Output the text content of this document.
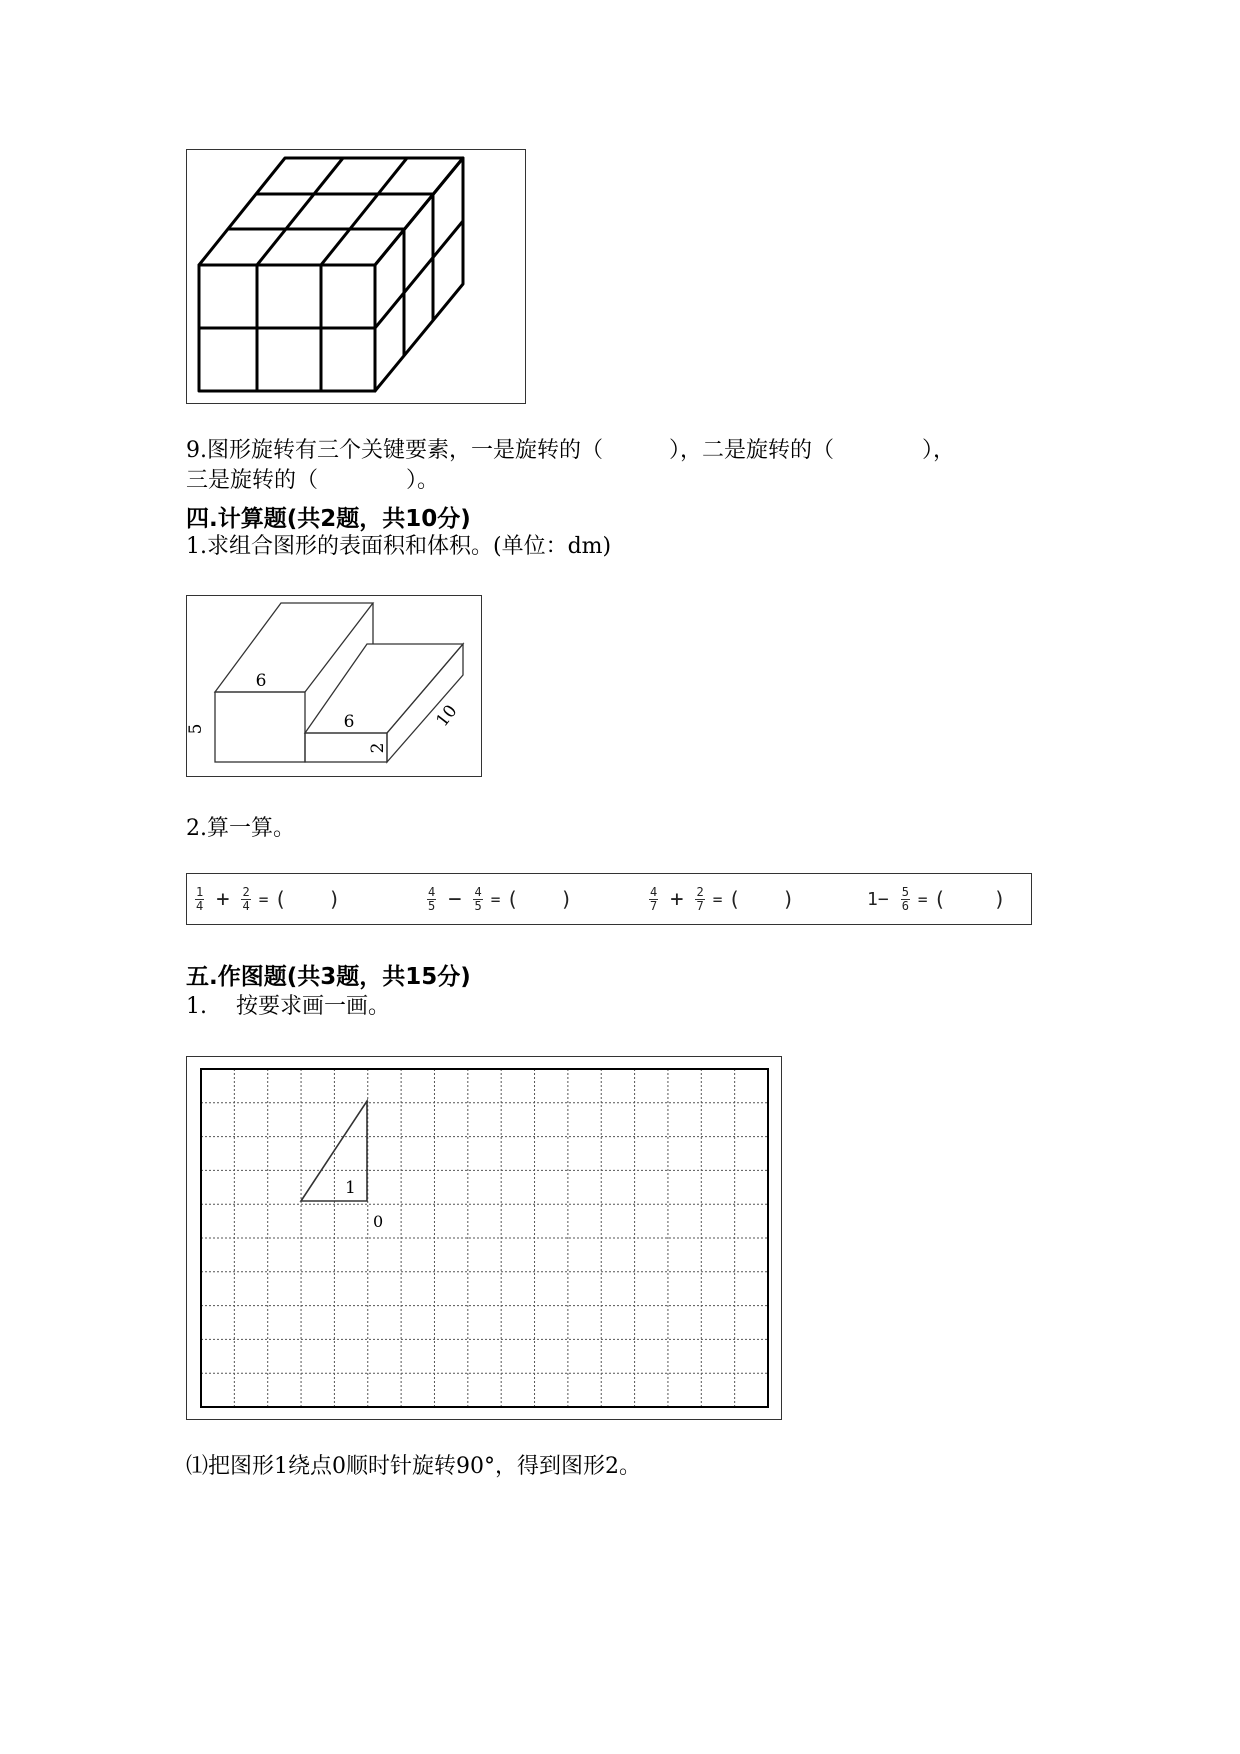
9.图形旋转有三个关键要素，一是旋转的（　　　），二是旋转的（　　　　），
三是旋转的（　　　　）。
四.计算题(共2题，共10分)
1.求组合图形的表面积和体积。(单位：dm)
6
5	6
2
10
2.算一算。
$\frac{1}{4} + \frac{2}{4}$ = ( )	$\frac{4}{5} - \frac{4}{5}$ = ( )	$\frac{4}{7} + \frac{2}{7}$ = ( )	$1- \frac{5}{6}$ = ( )
五.作图题(共3题，共15分)
1.　 按要求画一画。
1
0
⑴把图形1绕点0顺时针旋转90°，得到图形2。
